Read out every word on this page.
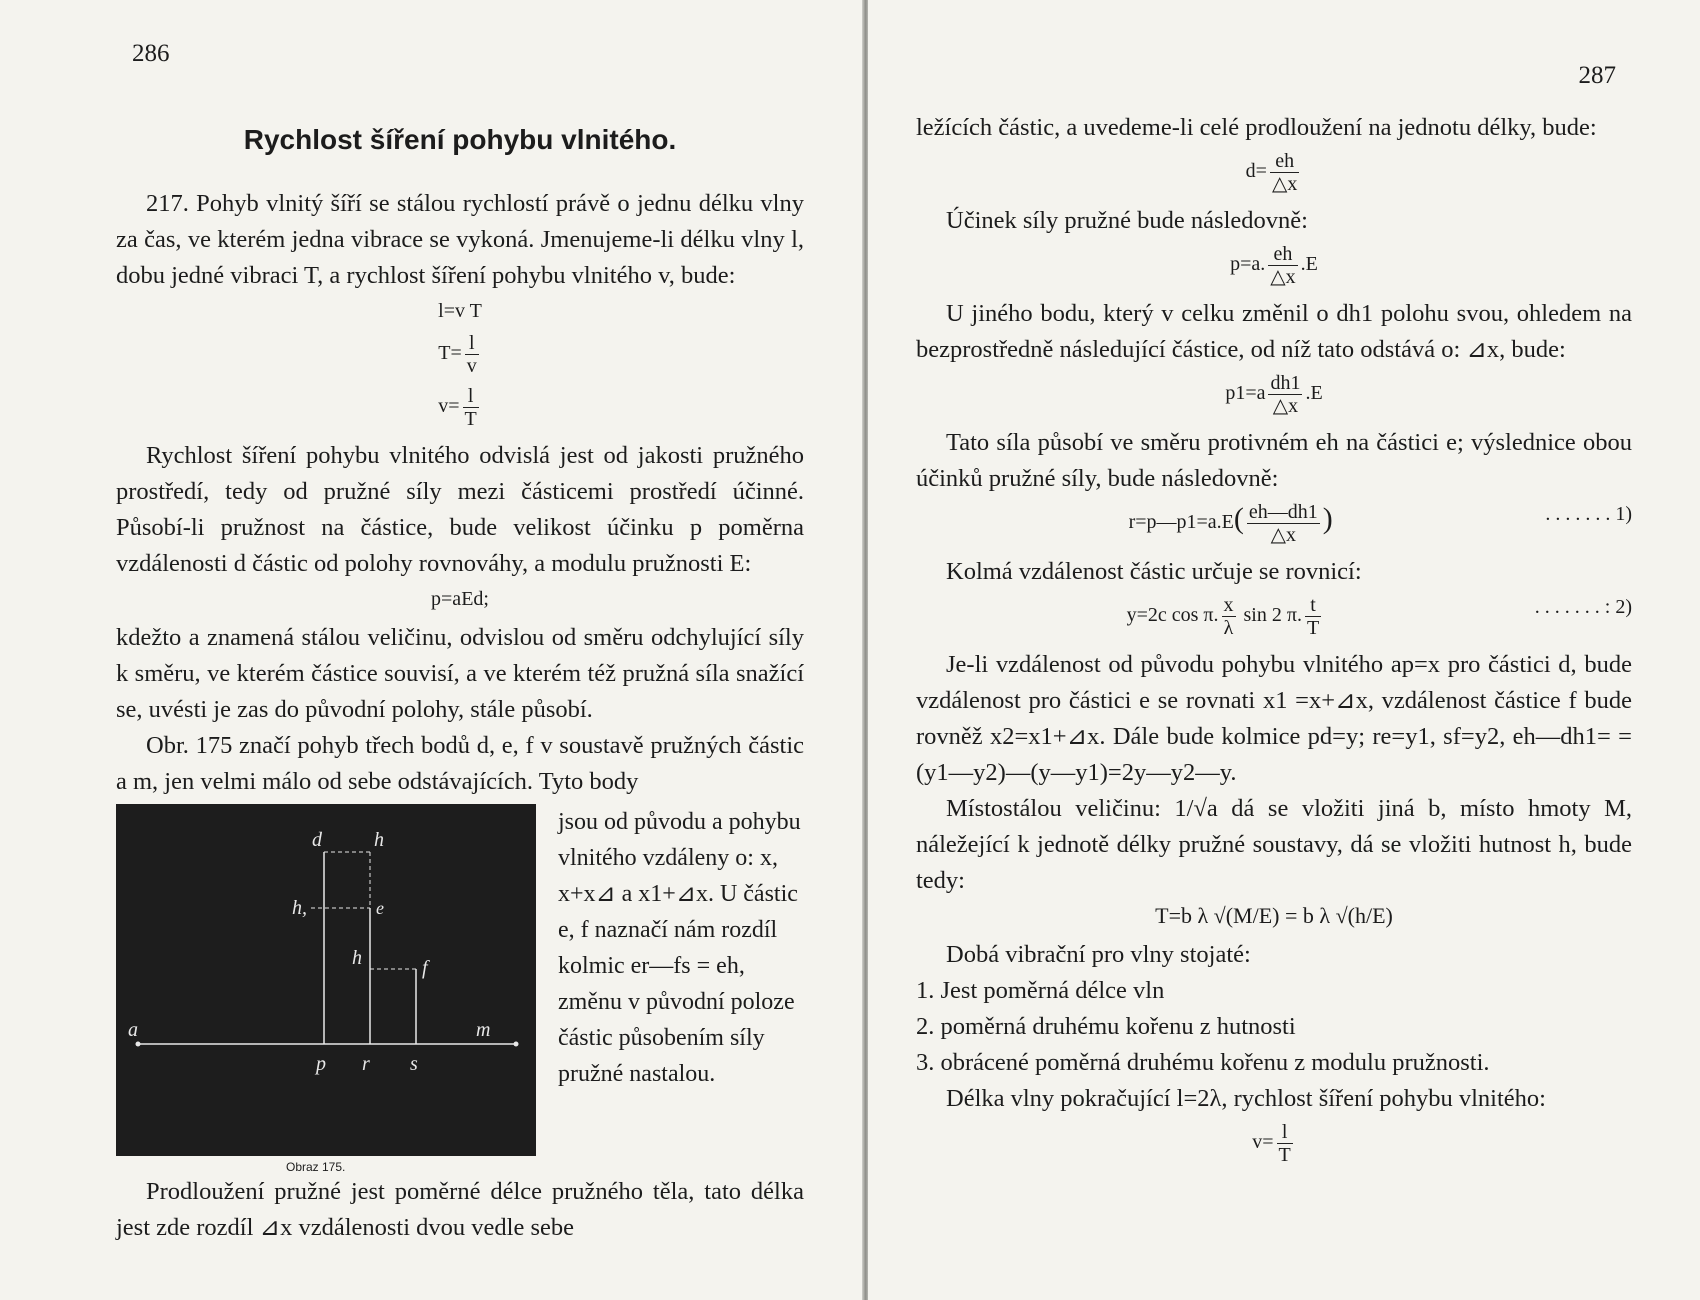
286
Rychlost šíření pohybu vlnitého.

217. Pohyb vlnitý šíří se stálou rychlostí právě o jednu délku vlny za čas, ve kterém jedna vibrace se vykoná. Jmenujeme-li délku vlny l, dobu jedné vibraci T, a rychlost šíření pohybu vlnitého v, bude:

l=v T
$T= \frac{l}{v}$
$v= \frac{l}{T}$

Rychlost šíření pohybu vlnitého odvislá jest od jakosti pružného prostředí, tedy od pružné síly mezi částicemi prostředí účinné. Působí-li pružnost na částice, bude velikost účinku p poměrna vzdálenosti d částic od polohy rovnováhy, a modulu pružnosti E:

p=aEd;

kdežto a znamená stálou veličinu, odvislou od směru odchylující síly k směru, ve kterém částice souvisí, a ve kterém též pružná síla snažící se, uvésti je zas do původní polohy, stále působí.

Obr. 175 značí pohyb třech bodů d, e, f v soustavě pružných částic a m, jen velmi málo od sebe odstávajících. Tyto body

d	h
h,	e
h	f
a	m
p r s
Obraz 175.
jsou od původu a pohybu vlnitého vzdáleny o: x, x+x⊿ a x1+⊿x. U částic e, f naznačí nám rozdíl kolmic er—fs = eh, změnu v původní poloze částic působením síly pružné nastalou.

Prodloužení pružné jest poměrné délce pružného těla, tato délka jest zde rozdíl ⊿x vzdálenosti dvou vedle sebe

287

ležících částic, a uvedeme-li celé prodloužení na jednotu délky, bude:

$d= \frac{eh}{\triangle x}$

Účinek síly pružné bude následovně:

p=a. $\frac{eh}{\triangle x} .E$

U jiného bodu, který v celku změnil o dh1 polohu svou, ohledem na bezprostředně následující částice, od níž tato odstává o: ⊿x, bude:

$p1=a \frac{dh1}{\triangle x} .E$

Tato síla působí ve směru protivném eh na částici e; výslednice obou účinků pružné síly, bude následovně:

r=p—p1=a.E( $\frac{eh—dh1}{\triangle x}$ )	. . . . . . . 1)

Kolmá vzdálenost částic určuje se rovnicí:

y=2c cos π. $\frac{x}{\lambda}$ sin 2 π. $\frac{t}{T}$	. . . . . . . : 2)

Je-li vzdálenost od původu pohybu vlnitého ap=x pro částici d, bude vzdálenost pro částici e se rovnati x1 =x+⊿x, vzdálenost částice f bude rovněž x2=x1+⊿x. Dále bude kolmice pd=y; re=y1, sf=y2, eh—dh1= =(y1—y2)—(y—y1)=2y—y2—y.

Místostálou veličinu: 1/√a dá se vložiti jiná b, místo hmoty M, náležející k jednotě délky pružné soustavy, dá se vložiti hutnost h, bude tedy:

T=b λ √(M/E) = b λ √(h/E)

Dobá vibrační pro vlny stojaté:

1. Jest poměrná délce vln
2. poměrná druhému kořenu z hutnosti
3. obrácené poměrná druhému kořenu z modulu pružnosti.

Délka vlny pokračující l=2λ, rychlost šíření pohybu vlnitého:

$v= \frac{l}{T}$
